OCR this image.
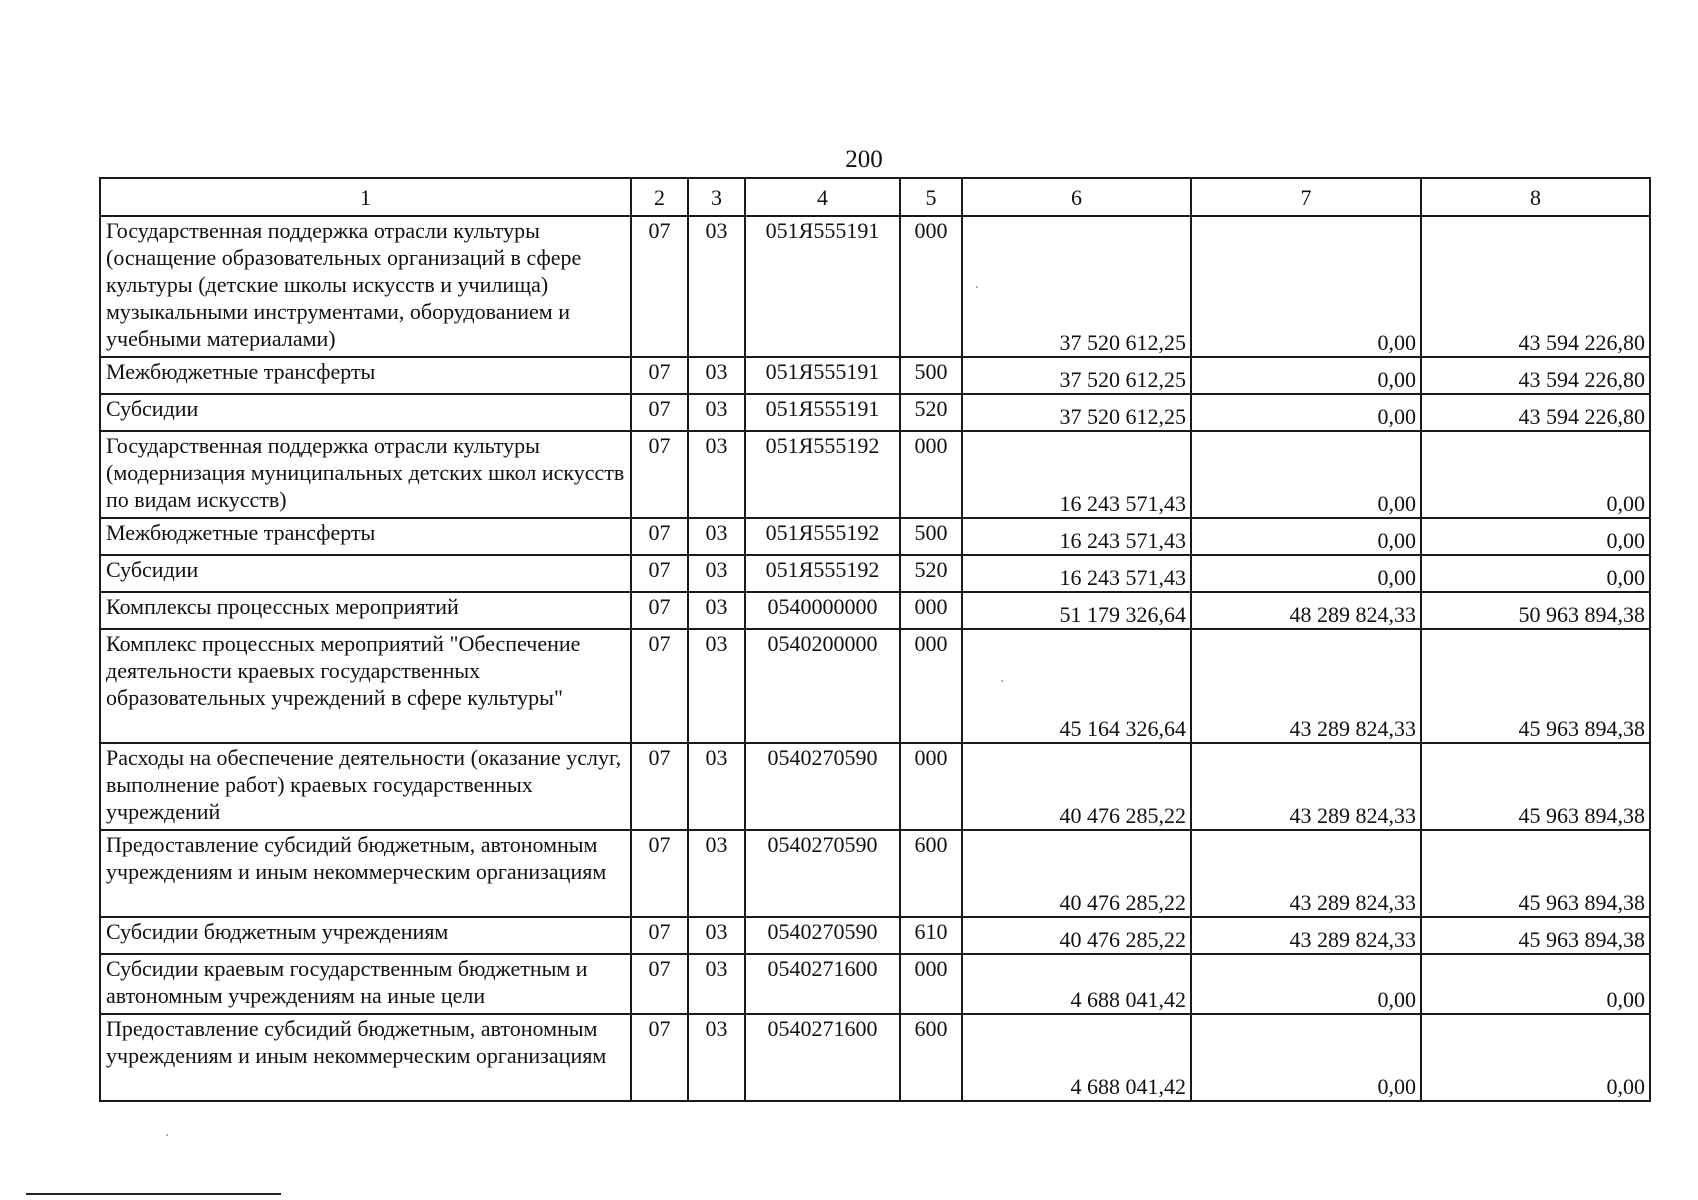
200
1	2	3	4	5	6	7	8
Государственная поддержка отрасли культуры (оснащение образовательных организаций в сфере культуры (детские школы искусств и училища) музыкальными инструментами, оборудованием и учебными материалами)	07	03	051Я555191	000	37 520 612,25	0,00	43 594 226,80
Межбюджетные трансферты	07	03	051Я555191	500	37 520 612,25	0,00	43 594 226,80
Субсидии	07	03	051Я555191	520	37 520 612,25	0,00	43 594 226,80
Государственная поддержка отрасли культуры (модернизация муниципальных детских школ искусств по видам искусств)	07	03	051Я555192	000	16 243 571,43	0,00	0,00
Межбюджетные трансферты	07	03	051Я555192	500	16 243 571,43	0,00	0,00
Субсидии	07	03	051Я555192	520	16 243 571,43	0,00	0,00
Комплексы процессных мероприятий	07	03	0540000000	000	51 179 326,64	48 289 824,33	50 963 894,38
Комплекс процессных мероприятий "Обеспечение деятельности краевых государственных образовательных учреждений в сфере культуры"	07	03	0540200000	000	45 164 326,64	43 289 824,33	45 963 894,38
Расходы на обеспечение деятельности (оказание услуг, выполнение работ) краевых государственных учреждений	07	03	0540270590	000	40 476 285,22	43 289 824,33	45 963 894,38
Предоставление субсидий бюджетным, автономным учреждениям и иным некоммерческим организациям	07	03	0540270590	600	40 476 285,22	43 289 824,33	45 963 894,38
Субсидии бюджетным учреждениям	07	03	0540270590	610	40 476 285,22	43 289 824,33	45 963 894,38
Субсидии краевым государственным бюджетным и автономным учреждениям на иные цели	07	03	0540271600	000	4 688 041,42	0,00	0,00
Предоставление субсидий бюджетным, автономным учреждениям и иным некоммерческим организациям	07	03	0540271600	600	4 688 041,42	0,00	0,00
